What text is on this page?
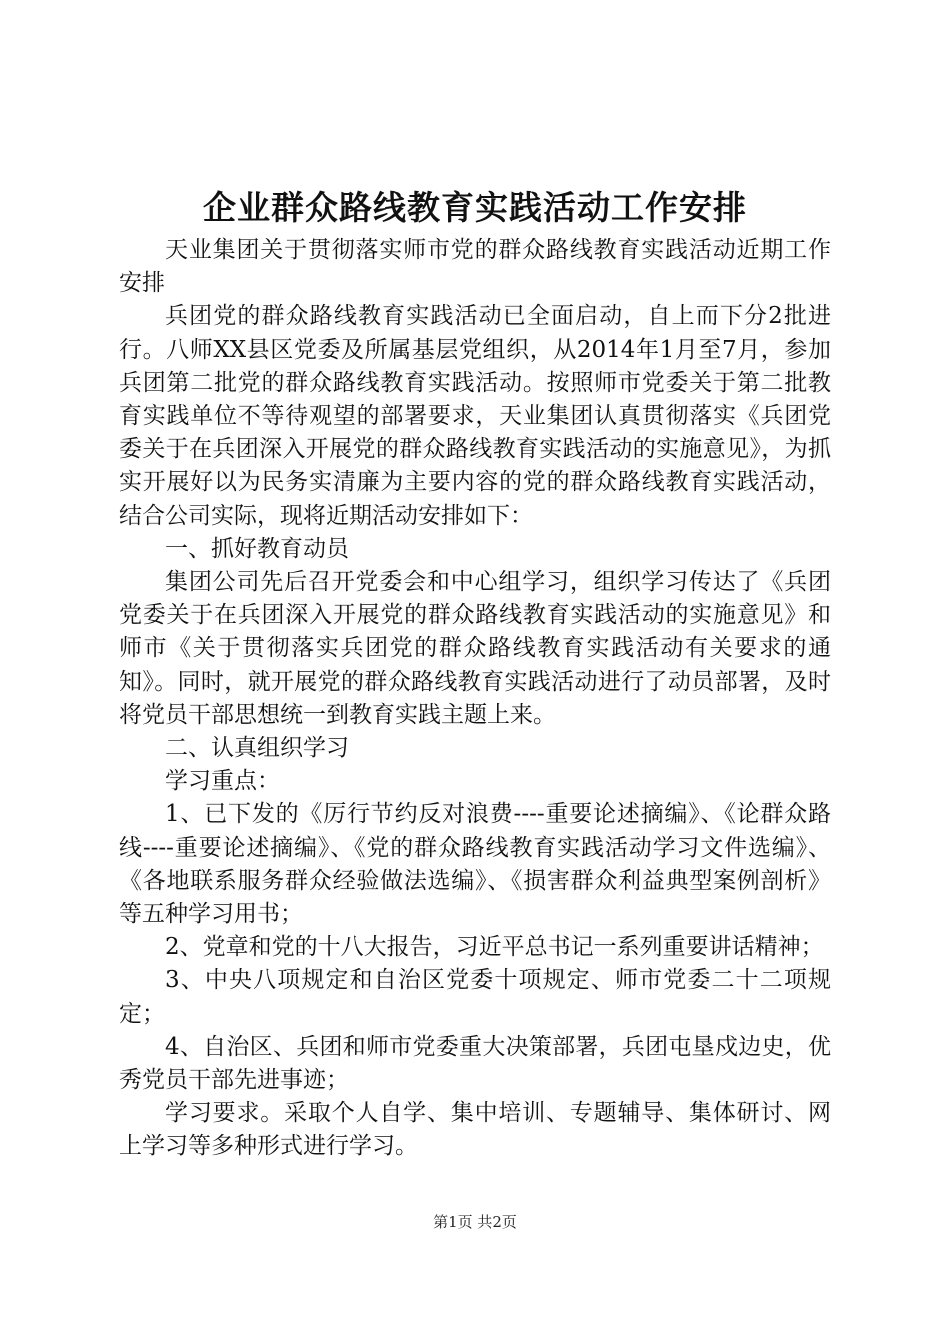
企业群众路线教育实践活动工作安排

天业集团关于贯彻落实师市党的群众路线教育实践活动近期工作安排

兵团党的群众路线教育实践活动已全面启动，自上而下分2批进行。八师XX县区党委及所属基层党组织，从2014年1月至7月，参加兵团第二批党的群众路线教育实践活动。按照师市党委关于第二批教育实践单位不等待观望的部署要求，天业集团认真贯彻落实《兵团党委关于在兵团深入开展党的群众路线教育实践活动的实施意见》，为抓实开展好以为民务实清廉为主要内容的党的群众路线教育实践活动，结合公司实际，现将近期活动安排如下：

一、抓好教育动员

集团公司先后召开党委会和中心组学习，组织学习传达了《兵团党委关于在兵团深入开展党的群众路线教育实践活动的实施意见》和师市《关于贯彻落实兵团党的群众路线教育实践活动有关要求的通知》。同时，就开展党的群众路线教育实践活动进行了动员部署，及时将党员干部思想统一到教育实践主题上来。

二、认真组织学习

学习重点：

1、已下发的《厉行节约反对浪费----重要论述摘编》、《论群众路线----重要论述摘编》、《党的群众路线教育实践活动学习文件选编》、《各地联系服务群众经验做法选编》、《损害群众利益典型案例剖析》等五种学习用书；

2、党章和党的十八大报告，习近平总书记一系列重要讲话精神；

3、中央八项规定和自治区党委十项规定、师市党委二十二项规定；

4、自治区、兵团和师市党委重大决策部署，兵团屯垦戍边史，优秀党员干部先进事迹；

学习要求。采取个人自学、集中培训、专题辅导、集体研讨、网上学习等多种形式进行学习。

第1页 共2页
